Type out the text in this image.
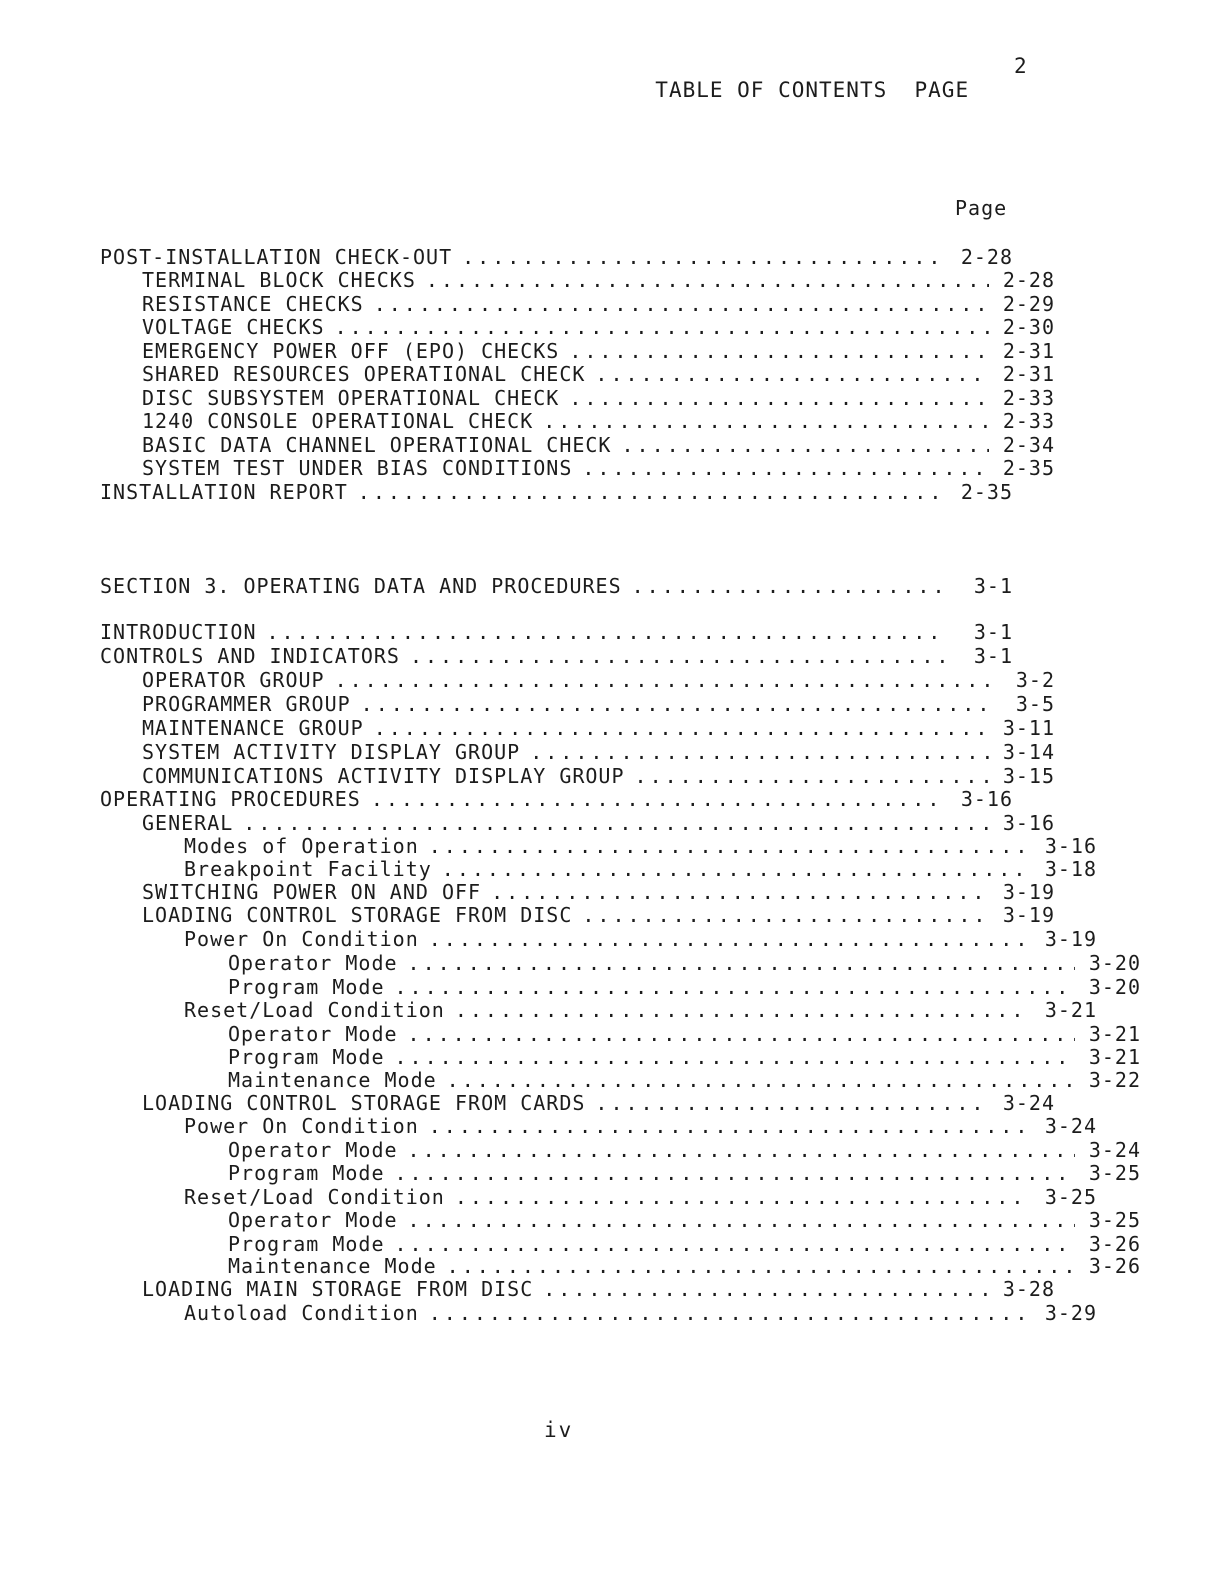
TABLE OF CONTENTS  PAGE

2

Page
POST-INSTALLATION CHECK-OUT .....	2-28
TERMINAL BLOCK CHECKS .....	2-28
RESISTANCE CHECKS .....	2-29
VOLTAGE CHECKS .....	2-30
EMERGENCY POWER OFF (EPO) CHECKS .....	2-31
SHARED RESOURCES OPERATIONAL CHECK .....	2-31
DISC SUBSYSTEM OPERATIONAL CHECK .....	2-33
1240 CONSOLE OPERATIONAL CHECK .....	2-33
BASIC DATA CHANNEL OPERATIONAL CHECK .....	2-34
SYSTEM TEST UNDER BIAS CONDITIONS .....	2-35
INSTALLATION REPORT .....	2-35
SECTION 3. OPERATING DATA AND PROCEDURES .....	3-1
INTRODUCTION .....	3-1
CONTROLS AND INDICATORS .....	3-1
OPERATOR GROUP .....	3-2
PROGRAMMER GROUP .....	3-5
MAINTENANCE GROUP .....	3-11
SYSTEM ACTIVITY DISPLAY GROUP .....	3-14
COMMUNICATIONS ACTIVITY DISPLAY GROUP .....	3-15
OPERATING PROCEDURES .....	3-16
GENERAL .....	3-16
Modes of Operation .....	3-16
Breakpoint Facility .....	3-18
SWITCHING POWER ON AND OFF .....	3-19
LOADING CONTROL STORAGE FROM DISC .....	3-19
Power On Condition .....	3-19
Operator Mode .....	3-20
Program Mode .....	3-20
Reset/Load Condition .....	3-21
Operator Mode .....	3-21
Program Mode .....	3-21
Maintenance Mode .....	3-22
LOADING CONTROL STORAGE FROM CARDS .....	3-24
Power On Condition .....	3-24
Operator Mode .....	3-24
Program Mode .....	3-25
Reset/Load Condition .....	3-25
Operator Mode .....	3-25
Program Mode .....	3-26
Maintenance Mode .....	3-26
LOADING MAIN STORAGE FROM DISC .....	3-28
Autoload Condition .....	3-29
iv
